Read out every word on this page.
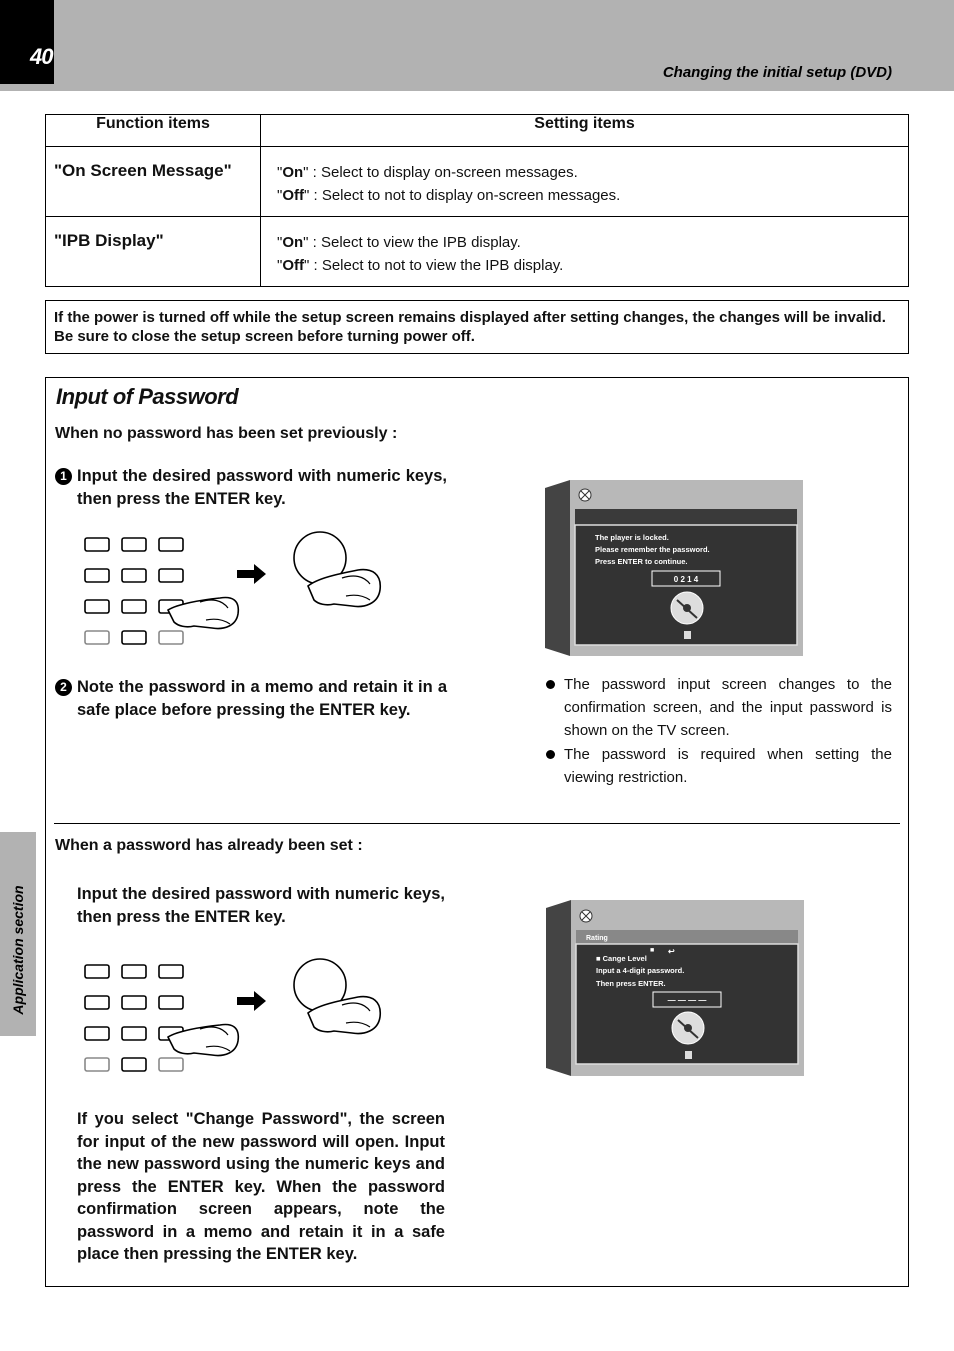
40
Changing the initial setup (DVD)
Function items	Setting items
"On Screen Message"	"On" : Select to display on-screen messages.
"Off" : Select to not to display on-screen messages.

"IPB Display"	"On" : Select to view the IPB display.
"Off" : Select to not to view the IPB display.
If the power is turned off while the setup screen remains displayed after setting changes, the changes will be invalid. Be sure to close the setup screen before turning power off.
Input of Password
When no password has been set previously :
1 Input the desired password with numeric keys, then press the ENTER key.
2 Note the password in a memo and retain it in a safe place before pressing the ENTER key.
The player is locked.
Please remember the password.
Press ENTER to continue.
0 2 1 4
The password input screen changes to the confirmation screen, and the input password is shown on the TV screen.
The password is required when setting the viewing restriction.
When a password has already been set :
Input the desired password with numeric keys, then press the ENTER key.
Rating
■ ↩
■ Cange Level
Input a 4-digit password.
Then press ENTER.
— — — —
If you select "Change Password", the screen for input of the new password will open. Input the new password using the numeric keys and press the ENTER key. When the password confirmation screen appears, note the password in a memo and retain it in a safe place then pressing the ENTER key.
Application section
